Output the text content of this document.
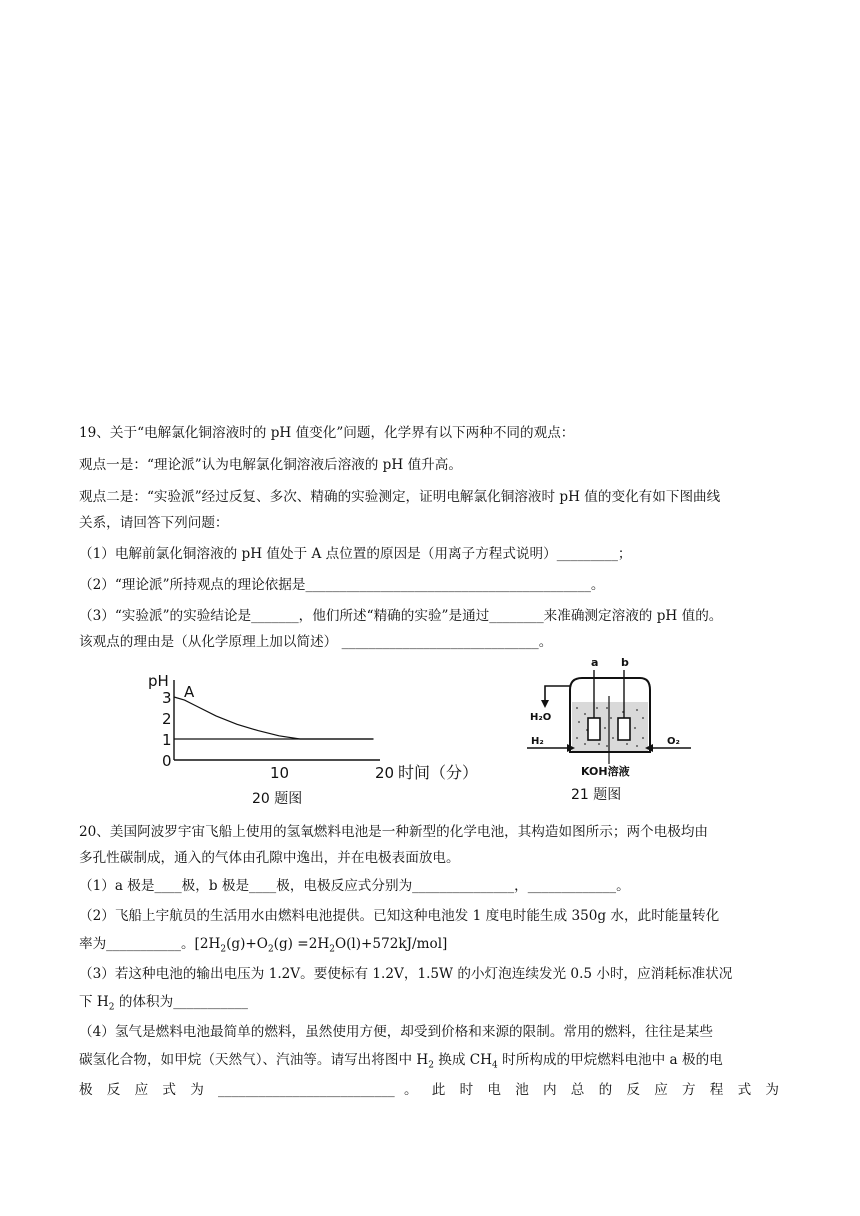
19、关于“电解氯化铜溶液时的 pH 值变化”问题，化学界有以下两种不同的观点：
观点一是：“理论派”认为电解氯化铜溶液后溶液的 pH 值升高。
观点二是：“实验派”经过反复、多次、精确的实验测定，证明电解氯化铜溶液时 pH 值的变化有如下图曲线
关系，请回答下列问题：
（1）电解前氯化铜溶液的 pH 值处于 A 点位置的原因是（用离子方程式说明）_________；
（2）“理论派”所持观点的理论依据是__________________________________________。
（3）“实验派”的实验结论是_______，他们所述“精确的实验”是通过________来准确测定溶液的 pH 值的。
该观点的理由是（从化学原理上加以简述） _____________________________。
pH
A
3
2
1
0
10	20 时间（分）
20 题图
a b
H₂O
H₂	O₂
KOH溶液
21 题图
20、美国阿波罗宇宙飞船上使用的氢氧燃料电池是一种新型的化学电池，其构造如图所示；两个电极均由
多孔性碳制成，通入的气体由孔隙中逸出，并在电极表面放电。
（1）a 极是____极，b 极是____极，电极反应式分别为_______________，_____________。
（2）飞船上宇航员的生活用水由燃料电池提供。已知这种电池发 1 度电时能生成 350g 水，此时能量转化
率为___________。$[2H_2(g)+O_2(g) =2H_2O(l)+572kJ/mol]$
（3）若这种电池的输出电压为 1.2V。要使标有 1.2V，1.5W 的小灯泡连续发光 0.5 小时，应消耗标准状况
下 $H_2$ 的体积为___________
（4）氢气是燃料电池最简单的燃料，虽然使用方便，却受到价格和来源的限制。常用的燃料，往往是某些
碳氢化合物，如甲烷（天然气）、汽油等。请写出将图中 $H_2$ 换成 $CH_4$ 时所构成的甲烷燃料电池中 a 极的电
极 反 应 式 为 __________________________ 。 此 时 电 池 内 总 的 反 应 方 程 式 为
